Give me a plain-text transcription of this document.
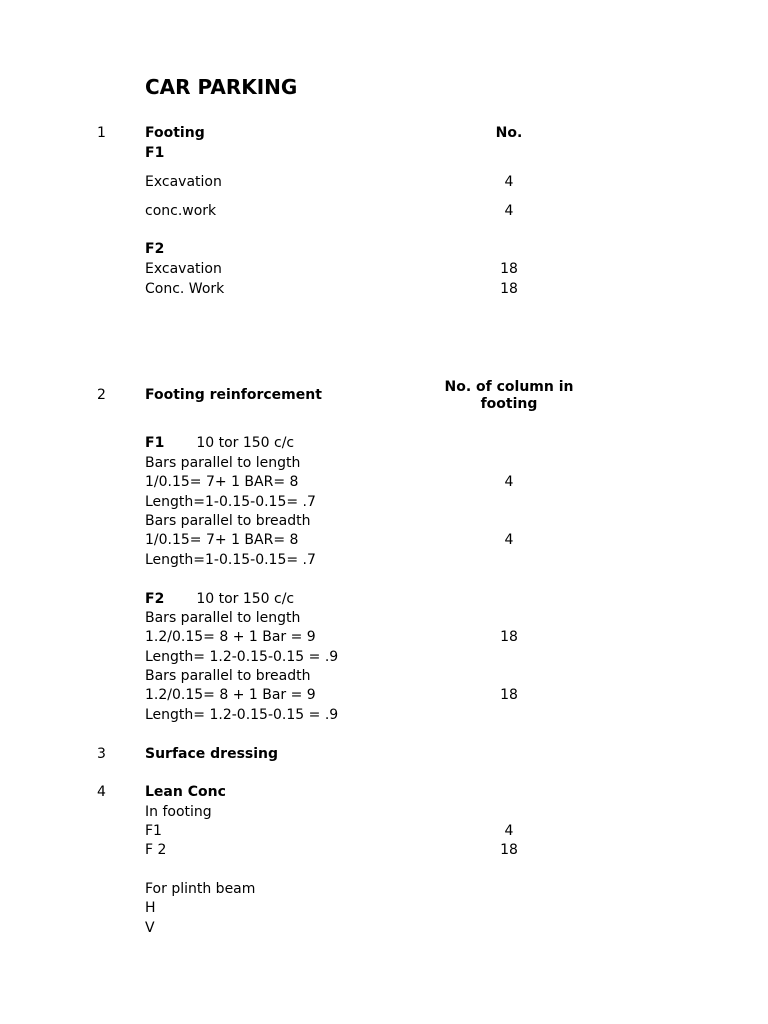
CAR PARKING
1	Footing	No.
F1
Excavation	4
conc.work	4
F2
Excavation	18
Conc. Work	18
2	Footing reinforcement	No. of column in footing
F1 10 tor 150 c/c
Bars parallel to length
1/0.15= 7+ 1 BAR= 8	4
Length=1-0.15-0.15= .7
Bars parallel to breadth
1/0.15= 7+ 1 BAR= 8	4
Length=1-0.15-0.15= .7
F2 10 tor 150 c/c
Bars parallel to length
1.2/0.15= 8 + 1 Bar = 9	18
Length= 1.2-0.15-0.15 = .9
Bars parallel to breadth
1.2/0.15= 8 + 1 Bar = 9	18
Length= 1.2-0.15-0.15 = .9
3	Surface dressing
4	Lean Conc
In footing
F1	4
F 2	18
For plinth beam
H
V
